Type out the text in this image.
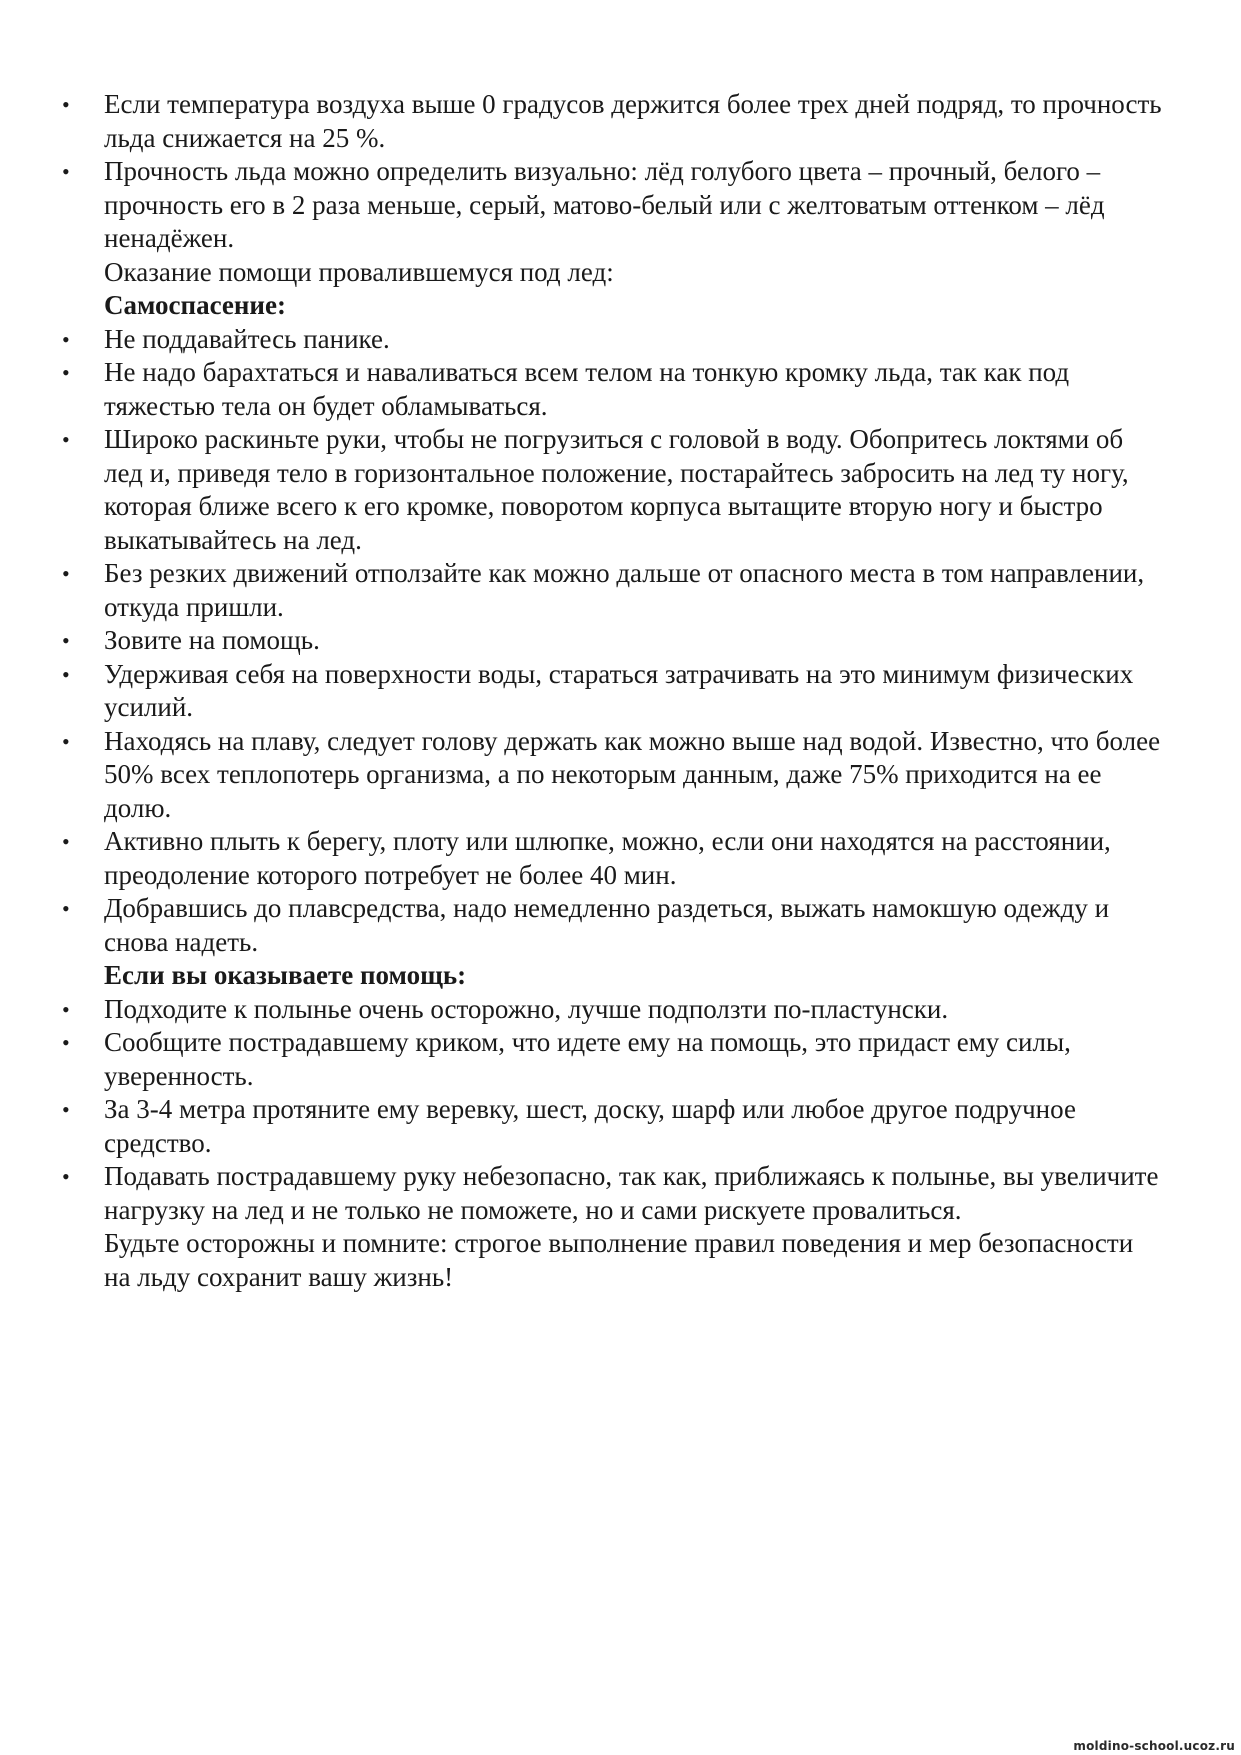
• Если температура воздуха выше 0 градусов держится более трех дней подряд, то прочность льда снижается на 25 %.
• Прочность льда можно определить визуально: лёд голубого цвета – прочный, белого – прочность его в 2 раза меньше, серый, матово-белый или с желтоватым оттенком – лёд ненадёжен.
Оказание помощи провалившемуся под лед:
Самоспасение:
• Не поддавайтесь панике.
• Не надо барахтаться и наваливаться всем телом на тонкую кромку льда, так как под тяжестью тела он будет обламываться.
• Широко раскиньте руки, чтобы не погрузиться с головой в воду. Обопритесь локтями об лед и, приведя тело в горизонтальное положение, постарайтесь забросить на лед ту ногу, которая ближе всего к его кромке, поворотом корпуса вытащите вторую ногу и быстро выкатывайтесь на лед.
• Без резких движений отползайте как можно дальше от опасного места в том направлении, откуда пришли.
• Зовите на помощь.
• Удерживая себя на поверхности воды, стараться затрачивать на это минимум физических усилий.
• Находясь на плаву, следует голову держать как можно выше над водой. Известно, что более 50% всех теплопотерь организма, а по некоторым данным, даже 75% приходится на ее долю.
• Активно плыть к берегу, плоту или шлюпке, можно, если они находятся на расстоянии, преодоление которого потребует не более 40 мин.
• Добравшись до плавсредства, надо немедленно раздеться, выжать намокшую одежду и снова надеть.
Если вы оказываете помощь:
• Подходите к полынье очень осторожно, лучше подползти по-пластунски.
• Сообщите пострадавшему криком, что идете ему на помощь, это придаст ему силы, уверенность.
• За 3-4 метра протяните ему веревку, шест, доску, шарф или любое другое подручное средство.
• Подавать пострадавшему руку небезопасно, так как, приближаясь к полынье, вы увеличите нагрузку на лед и не только не поможете, но и сами рискуете провалиться.
Будьте осторожны и помните: строгое выполнение правил поведения и мер безопасности на льду сохранит вашу жизнь!
moldino-school.ucoz.ru
